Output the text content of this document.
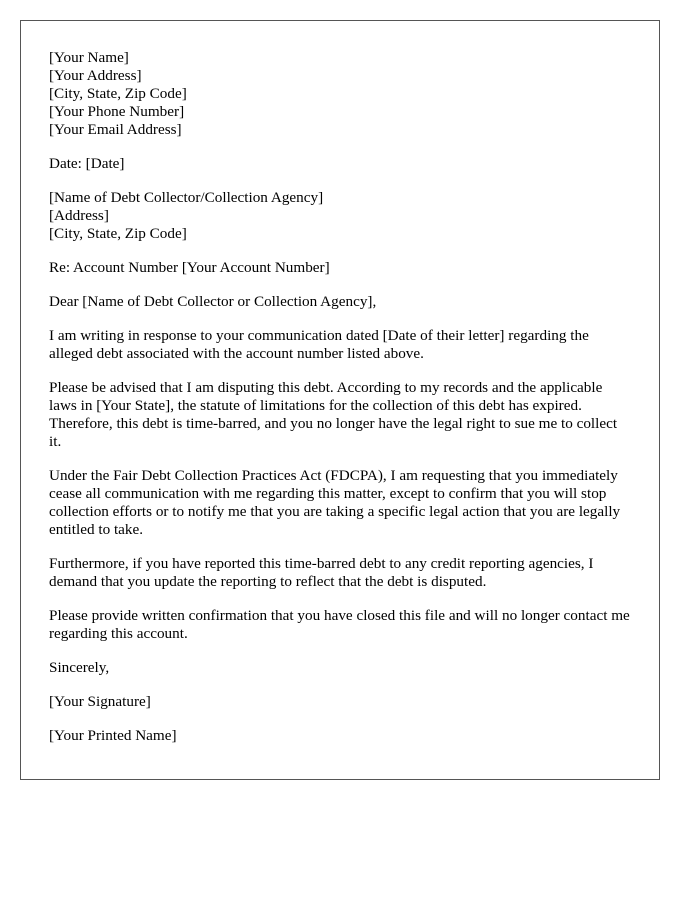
[Your Name]
[Your Address]
[City, State, Zip Code]
[Your Phone Number]
[Your Email Address]
Date: [Date]
[Name of Debt Collector/Collection Agency]
[Address]
[City, State, Zip Code]
Re: Account Number [Your Account Number]
Dear [Name of Debt Collector or Collection Agency],

I am writing in response to your communication dated [Date of their letter] regarding the alleged debt associated with the account number listed above.

Please be advised that I am disputing this debt. According to my records and the applicable laws in [Your State], the statute of limitations for the collection of this debt has expired. Therefore, this debt is time-barred, and you no longer have the legal right to sue me to collect it.

Under the Fair Debt Collection Practices Act (FDCPA), I am requesting that you immediately cease all communication with me regarding this matter, except to confirm that you will stop collection efforts or to notify me that you are taking a specific legal action that you are legally entitled to take.

Furthermore, if you have reported this time-barred debt to any credit reporting agencies, I demand that you update the reporting to reflect that the debt is disputed.

Please provide written confirmation that you have closed this file and will no longer contact me regarding this account.

Sincerely,
[Your Signature]
[Your Printed Name]
